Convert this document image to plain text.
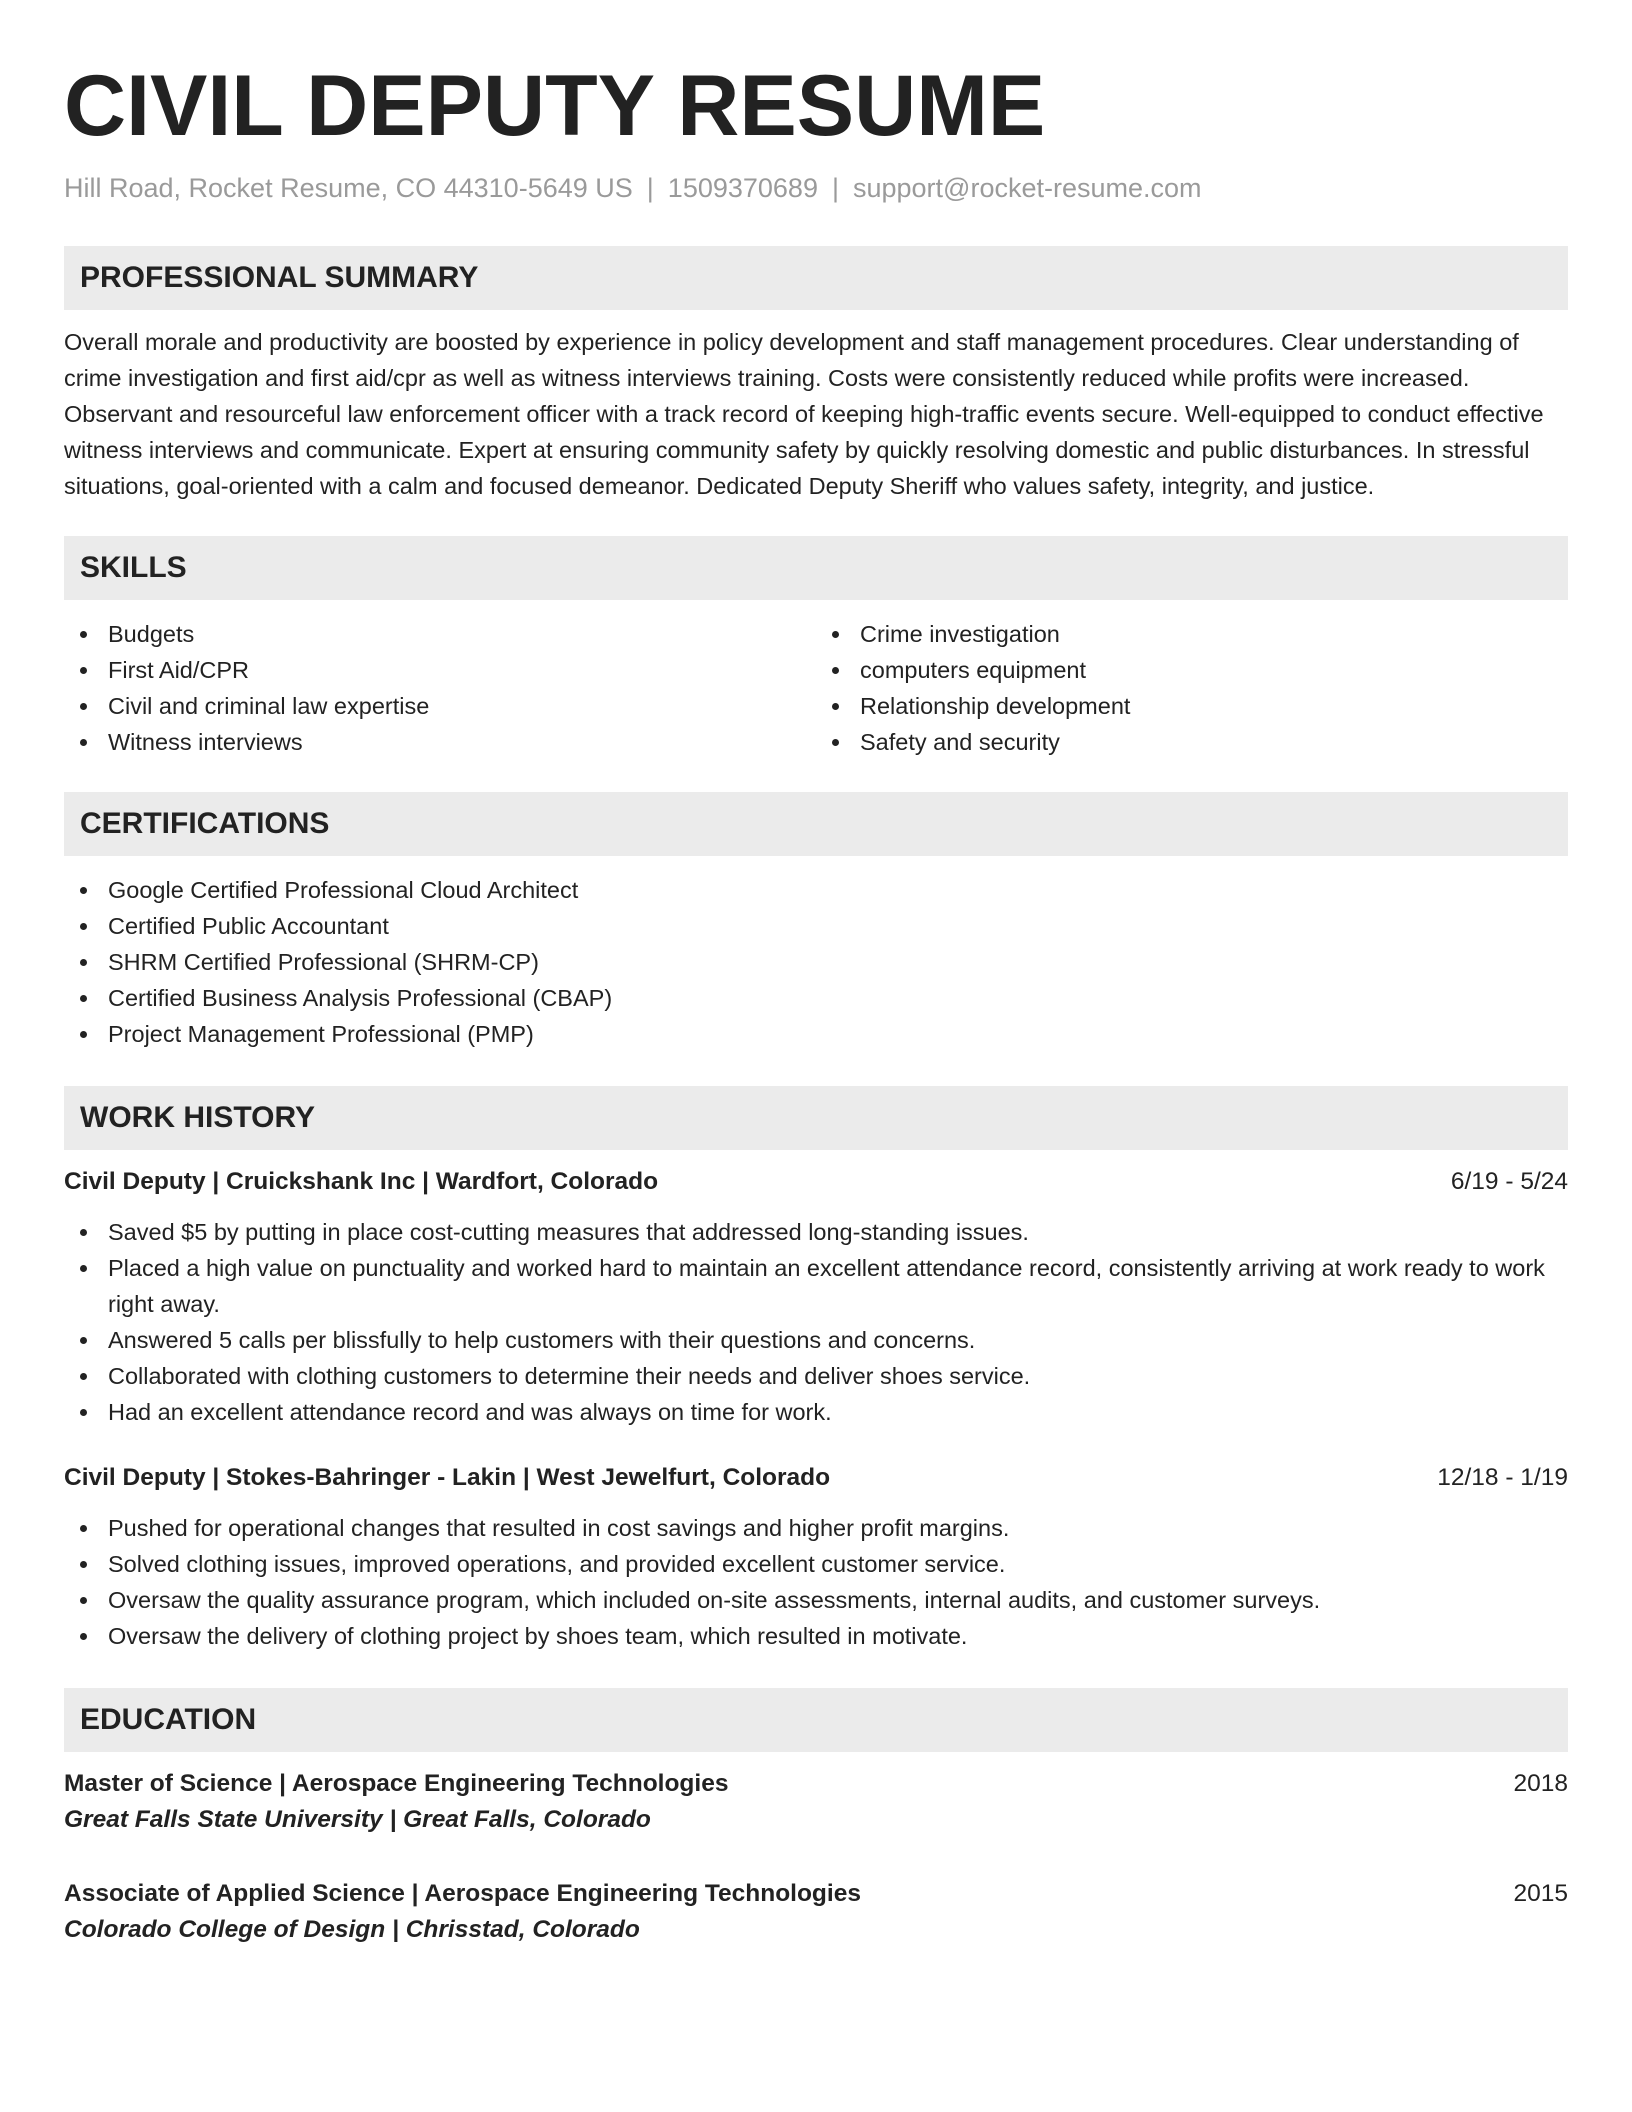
CIVIL DEPUTY RESUME
Hill Road, Rocket Resume, CO 44310-5649 US | 1509370689 | support@rocket-resume.com
PROFESSIONAL SUMMARY

Overall morale and productivity are boosted by experience in policy development and staff management procedures. Clear understanding of crime investigation and first aid/cpr as well as witness interviews training. Costs were consistently reduced while profits were increased. Observant and resourceful law enforcement officer with a track record of keeping high-traffic events secure. Well-equipped to conduct effective witness interviews and communicate. Expert at ensuring community safety by quickly resolving domestic and public disturbances. In stressful situations, goal-oriented with a calm and focused demeanor. Dedicated Deputy Sheriff who values safety, integrity, and justice.

SKILLS
Budgets
First Aid/CPR
Civil and criminal law expertise
Witness interviews
Crime investigation
computers equipment
Relationship development
Safety and security
CERTIFICATIONS
Google Certified Professional Cloud Architect
Certified Public Accountant
SHRM Certified Professional (SHRM-CP)
Certified Business Analysis Professional (CBAP)
Project Management Professional (PMP)
WORK HISTORY
Civil Deputy | Cruickshank Inc | Wardfort, Colorado	6/19 - 5/24
Saved $5 by putting in place cost-cutting measures that addressed long-standing issues.
Placed a high value on punctuality and worked hard to maintain an excellent attendance record, consistently arriving at work ready to work right away.
Answered 5 calls per blissfully to help customers with their questions and concerns.
Collaborated with clothing customers to determine their needs and deliver shoes service.
Had an excellent attendance record and was always on time for work.
Civil Deputy | Stokes-Bahringer - Lakin | West Jewelfurt, Colorado	12/18 - 1/19
Pushed for operational changes that resulted in cost savings and higher profit margins.
Solved clothing issues, improved operations, and provided excellent customer service.
Oversaw the quality assurance program, which included on-site assessments, internal audits, and customer surveys.
Oversaw the delivery of clothing project by shoes team, which resulted in motivate.
EDUCATION
Master of Science | Aerospace Engineering Technologies	2018
Great Falls State University | Great Falls, Colorado
Associate of Applied Science | Aerospace Engineering Technologies	2015
Colorado College of Design | Chrisstad, Colorado
